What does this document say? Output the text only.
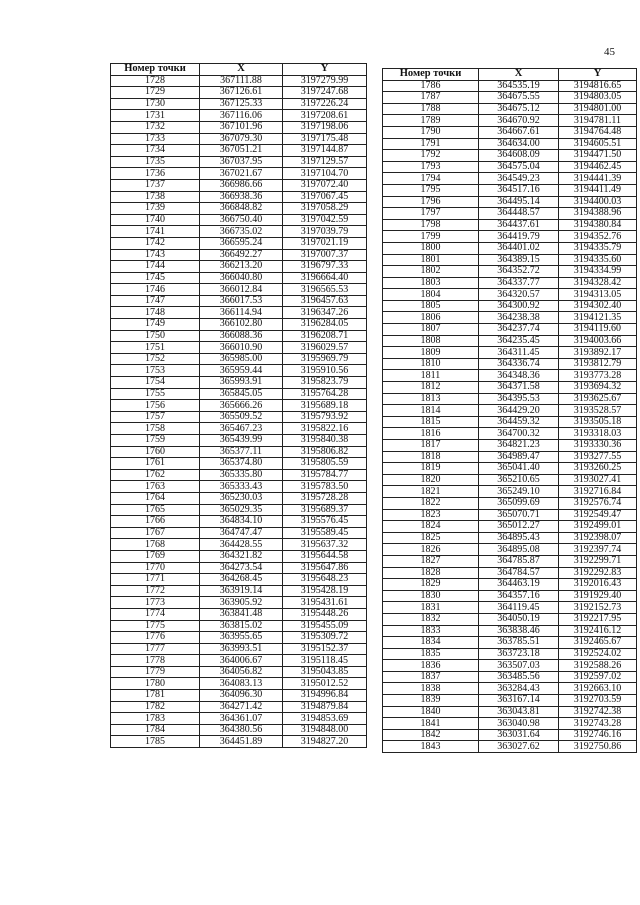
45
Номер точки	X	Y
1728	367111.88	3197279.99
1729	367126.61	3197247.68
1730	367125.33	3197226.24
1731	367116.06	3197208.61
1732	367101.96	3197198.06
1733	367079.30	3197175.48
1734	367051.21	3197144.87
1735	367037.95	3197129.57
1736	367021.67	3197104.70
1737	366986.66	3197072.40
1738	366938.36	3197067.45
1739	366848.82	3197058.29
1740	366750.40	3197042.59
1741	366735.02	3197039.79
1742	366595.24	3197021.19
1743	366492.27	3197007.37
1744	366213.20	3196797.33
1745	366040.80	3196664.40
1746	366012.84	3196565.53
1747	366017.53	3196457.63
1748	366114.94	3196347.26
1749	366102.80	3196284.05
1750	366088.36	3196208.71
1751	366010.90	3196029.57
1752	365985.00	3195969.79
1753	365959.44	3195910.56
1754	365993.91	3195823.79
1755	365845.05	3195764.28
1756	365666.26	3195689.18
1757	365509.52	3195793.92
1758	365467.23	3195822.16
1759	365439.99	3195840.38
1760	365377.11	3195806.82
1761	365374.80	3195805.59
1762	365335.80	3195784.77
1763	365333.43	3195783.50
1764	365230.03	3195728.28
1765	365029.35	3195689.37
1766	364834.10	3195576.45
1767	364747.47	3195589.45
1768	364428.55	3195637.32
1769	364321.82	3195644.58
1770	364273.54	3195647.86
1771	364268.45	3195648.23
1772	363919.14	3195428.19
1773	363905.92	3195431.61
1774	363841.48	3195448.26
1775	363815.02	3195455.09
1776	363955.65	3195309.72
1777	363993.51	3195152.37
1778	364006.67	3195118.45
1779	364056.82	3195043.85
1780	364083.13	3195012.52
1781	364096.30	3194996.84
1782	364271.42	3194879.84
1783	364361.07	3194853.69
1784	364380.56	3194848.00
1785	364451.89	3194827.20
Номер точки	X	Y
1786	364535.19	3194816.65
1787	364675.55	3194803.05
1788	364675.12	3194801.00
1789	364670.92	3194781.11
1790	364667.61	3194764.48
1791	364634.00	3194605.51
1792	364608.09	3194471.50
1793	364575.04	3194462.45
1794	364549.23	3194441.39
1795	364517.16	3194411.49
1796	364495.14	3194400.03
1797	364448.57	3194388.96
1798	364437.61	3194380.84
1799	364419.79	3194352.76
1800	364401.02	3194335.79
1801	364389.15	3194335.60
1802	364352.72	3194334.99
1803	364337.77	3194328.42
1804	364320.57	3194313.05
1805	364300.92	3194302.40
1806	364238.38	3194121.35
1807	364237.74	3194119.60
1808	364235.45	3194003.66
1809	364311.45	3193892.17
1810	364336.74	3193812.79
1811	364348.36	3193773.28
1812	364371.58	3193694.32
1813	364395.53	3193625.67
1814	364429.20	3193528.57
1815	364459.32	3193505.18
1816	364700.32	3193318.03
1817	364821.23	3193330.36
1818	364989.47	3193277.55
1819	365041.40	3193260.25
1820	365210.65	3193027.41
1821	365249.10	3192716.84
1822	365099.69	3192576.74
1823	365070.71	3192549.47
1824	365012.27	3192499.01
1825	364895.43	3192398.07
1826	364895.08	3192397.74
1827	364785.87	3192299.71
1828	364784.57	3192292.83
1829	364463.19	3192016.43
1830	364357.16	3191929.40
1831	364119.45	3192152.73
1832	364050.19	3192217.95
1833	363838.46	3192416.12
1834	363785.51	3192465.67
1835	363723.18	3192524.02
1836	363507.03	3192588.26
1837	363485.56	3192597.02
1838	363284.43	3192663.10
1839	363167.14	3192703.59
1840	363043.81	3192742.38
1841	363040.98	3192743.28
1842	363031.64	3192746.16
1843	363027.62	3192750.86
